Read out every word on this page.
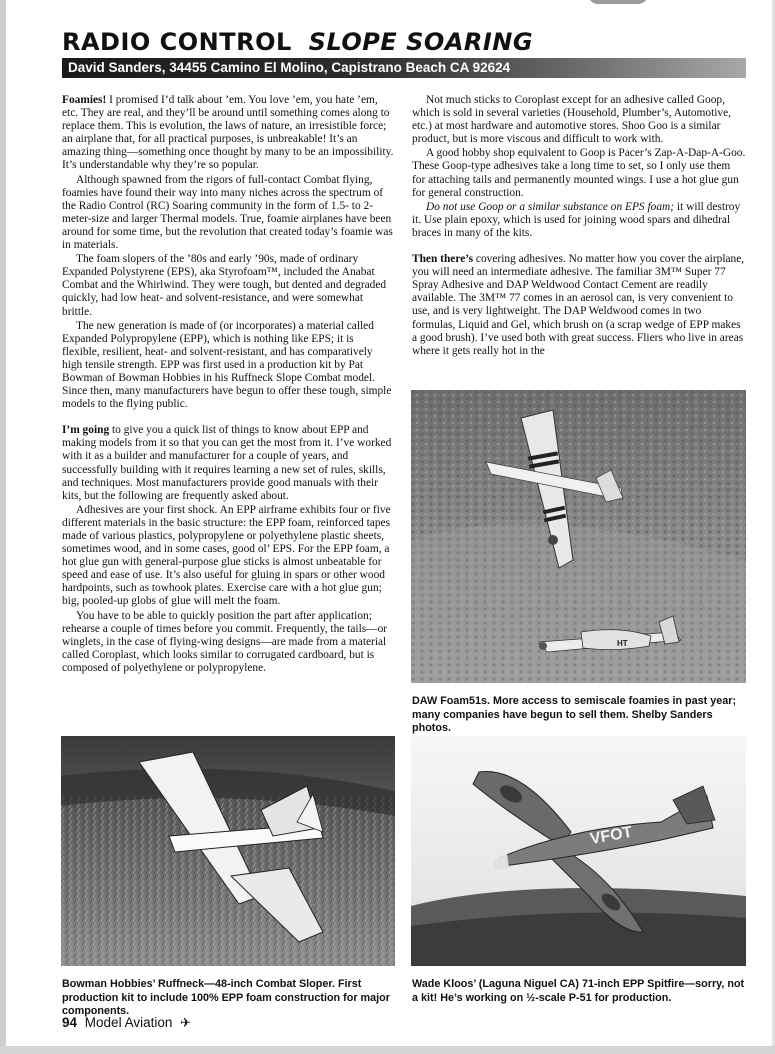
RADIO CONTROL SLOPE SOARING
David Sanders, 34455 Camino El Molino, Capistrano Beach CA 92624

Foamies! I promised I’d talk about ’em. You love ’em, you hate ’em, etc. They are real, and they’ll be around until something comes along to replace them. This is evolution, the laws of nature, an irresistible force; an airplane that, for all practical purposes, is unbreakable! It’s an amazing thing—something once thought by many to be an impossibility. It’s understandable why they’re so popular.

Although spawned from the rigors of full-contact Combat flying, foamies have found their way into many niches across the spectrum of the Radio Control (RC) Soaring community in the form of 1.5- to 2-meter-size and larger Thermal models. True, foamie airplanes have been around for some time, but the revolution that created today’s foamie was in materials.

The foam slopers of the ’80s and early ’90s, made of ordinary Expanded Polystyrene (EPS), aka Styrofoam™, included the Anabat Combat and the Whirlwind. They were tough, but dented and degraded quickly, had low heat- and solvent-resistance, and were somewhat brittle.

The new generation is made of (or incorporates) a material called Expanded Polypropylene (EPP), which is nothing like EPS; it is flexible, resilient, heat- and solvent-resistant, and has comparatively high tensile strength. EPP was first used in a production kit by Pat Bowman of Bowman Hobbies in his Ruffneck Slope Combat model. Since then, many manufacturers have begun to offer these tough, simple models to the flying public.

I’m going to give you a quick list of things to know about EPP and making models from it so that you can get the most from it. I’ve worked with it as a builder and manufacturer for a couple of years, and successfully building with it requires learning a new set of rules, skills, and techniques. Most manufacturers provide good manuals with their kits, but the following are frequently asked about.

Adhesives are your first shock. An EPP airframe exhibits four or five different materials in the basic structure: the EPP foam, reinforced tapes made of various plastics, polypropylene or polyethylene plastic sheets, sometimes wood, and in some cases, good ol’ EPS. For the EPP foam, a hot glue gun with general-purpose glue sticks is almost unbeatable for speed and ease of use. It’s also useful for gluing in spars or other wood hardpoints, such as towhook plates. Exercise care with a hot glue gun; big, pooled-up globs of glue will melt the foam.

You have to be able to quickly position the part after application; rehearse a couple of times before you commit. Frequently, the tails—or winglets, in the case of flying-wing designs—are made from a material called Coroplast, which looks similar to corrugated cardboard, but is composed of polyethylene or polypropylene.

Not much sticks to Coroplast except for an adhesive called Goop, which is sold in several varieties (Household, Plumber’s, Automotive, etc.) at most hardware and automotive stores. Shoo Goo is a similar product, but is more viscous and difficult to work with.

A good hobby shop equivalent to Goop is Pacer’s Zap-A-Dap-A-Goo. These Goop-type adhesives take a long time to set, so I only use them for attaching tails and permanently mounted wings. I use a hot glue gun for general construction.

Do not use Goop or a similar substance on EPS foam; it will destroy it. Use plain epoxy, which is used for joining wood spars and dihedral braces in many of the kits.

Then there’s covering adhesives. No matter how you cover the airplane, you will need an intermediate adhesive. The familiar 3M™ Super 77 Spray Adhesive and DAP Weldwood Contact Cement are readily available. The 3M™ 77 comes in an aerosol can, is very convenient to use, and is very lightweight. The DAP Weldwood comes in two formulas, Liquid and Gel, which brush on (a scrap wedge of EPP makes a good brush). I’ve used both with great success. Fliers who live in areas where it gets really hot in the

HT
DAW Foam51s. More access to semiscale foamies in past year; many companies have begun to sell them. Shelby Sanders photos.
Bowman Hobbies’ Ruffneck—48-inch Combat Sloper. First production kit to include 100% EPP foam construction for major components.
VFOT
Wade Kloos’ (Laguna Niguel CA) 71-inch EPP Spitfire—sorry, not a kit! He’s working on ½-scale P-51 for production.
94 Model Aviation ✈
